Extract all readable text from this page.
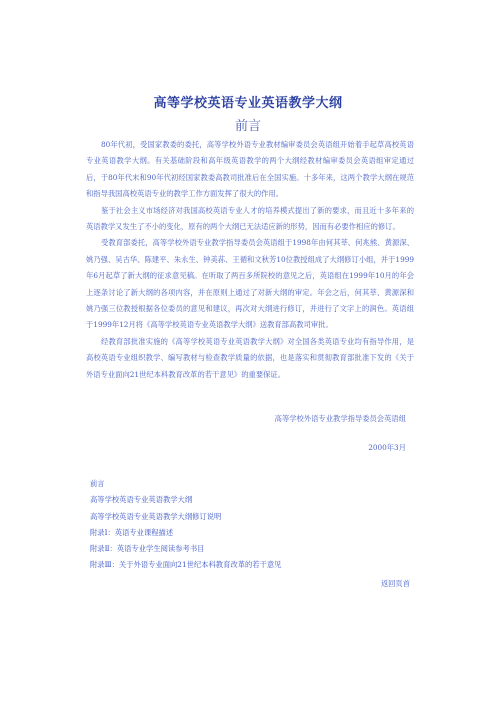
高等学校英语专业英语教学大纲
前言

80年代初，受国家教委的委托，高等学校外语专业教材编审委员会英语组开始着手起草高校英语专业英语教学大纲。有关基础阶段和高年级英语教学的两个大纲经教材编审委员会英语组审定通过后，于80年代末和90年代初经国家教委高教司批准后在全国实施。十多年来，这两个教学大纲在规范和指导我国高校英语专业的教学工作方面发挥了很大的作用。

鉴于社会主义市场经济对我国高校英语专业人才的培养模式提出了新的要求，而且近十多年来的英语教学又发生了不小的变化，原有的两个大纲已无法适应新的形势，因而有必要作相应的修订。

受教育部委托，高等学校外语专业教学指导委员会英语组于1998年由何其莘、何兆熊、黄源深、姚乃强、吴古华、陈建平、朱永生、钟美荪、王循和文秋芳10位教授组成了大纲修订小组，并于1999年6月起草了新大纲的征求意见稿。在听取了两百多所院校的意见之后，英语组在1999年10月的年会上逐条讨论了新大纲的各项内容，并在原则上通过了对新大纲的审定。年会之后，何其莘、黄源深和姚乃强三位教授根据各位委员的意见和建议，再次对大纲进行修订，并进行了文字上的润色。英语组于1999年12月将《高等学校英语专业英语教学大纲》送教育部高教司审批。

经教育部批准实施的《高等学校英语专业英语教学大纲》对全国各类英语专业均有指导作用，是高校英语专业组织教学、编写教材与检查教学质量的依据，也是落实和贯彻教育部批准下发的《关于外语专业面向21世纪本科教育改革的若干意见》的重要保证。

高等学校外语专业教学指导委员会英语组
2000年3月
前言
高等学校英语专业英语教学大纲
高等学校英语专业英语教学大纲修订说明
附录Ⅰ：英语专业课程描述
附录Ⅱ：英语专业学生阅读参考书目
附录Ⅲ：关于外语专业面向21世纪本科教育改革的若干意见
返回页首
